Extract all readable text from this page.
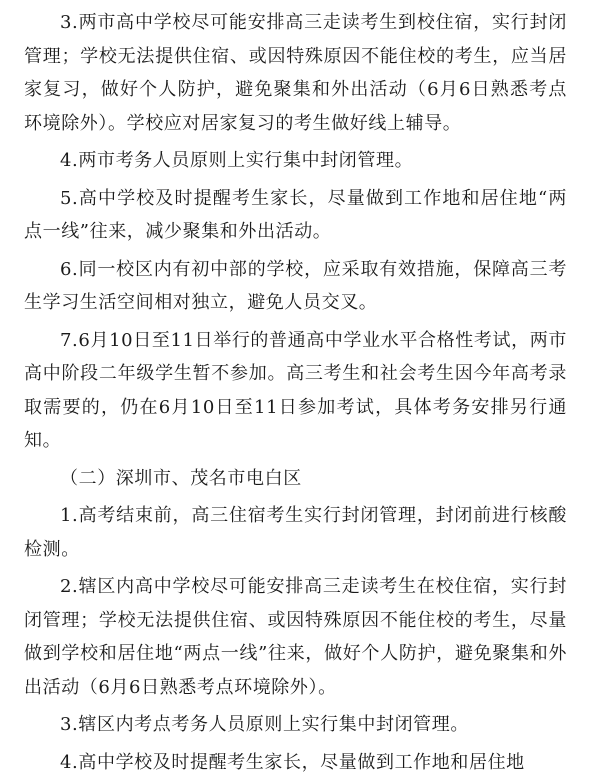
3.两市高中学校尽可能安排高三走读考生到校住宿，实行封闭管理；学校无法提供住宿、或因特殊原因不能住校的考生，应当居家复习，做好个人防护，避免聚集和外出活动（6月6日熟悉考点环境除外）。学校应对居家复习的考生做好线上辅导。

4.两市考务人员原则上实行集中封闭管理。

5.高中学校及时提醒考生家长，尽量做到工作地和居住地“两点一线”往来，减少聚集和外出活动。

6.同一校区内有初中部的学校，应采取有效措施，保障高三考生学习生活空间相对独立，避免人员交叉。

7.6月10日至11日举行的普通高中学业水平合格性考试，两市高中阶段二年级学生暂不参加。高三考生和社会考生因今年高考录取需要的，仍在6月10日至11日参加考试，具体考务安排另行通知。

（二）深圳市、茂名市电白区

1.高考结束前，高三住宿考生实行封闭管理，封闭前进行核酸检测。

2.辖区内高中学校尽可能安排高三走读考生在校住宿，实行封闭管理；学校无法提供住宿、或因特殊原因不能住校的考生，尽量做到学校和居住地“两点一线”往来，做好个人防护，避免聚集和外出活动（6月6日熟悉考点环境除外）。

3.辖区内考点考务人员原则上实行集中封闭管理。

4.高中学校及时提醒考生家长，尽量做到工作地和居住地
